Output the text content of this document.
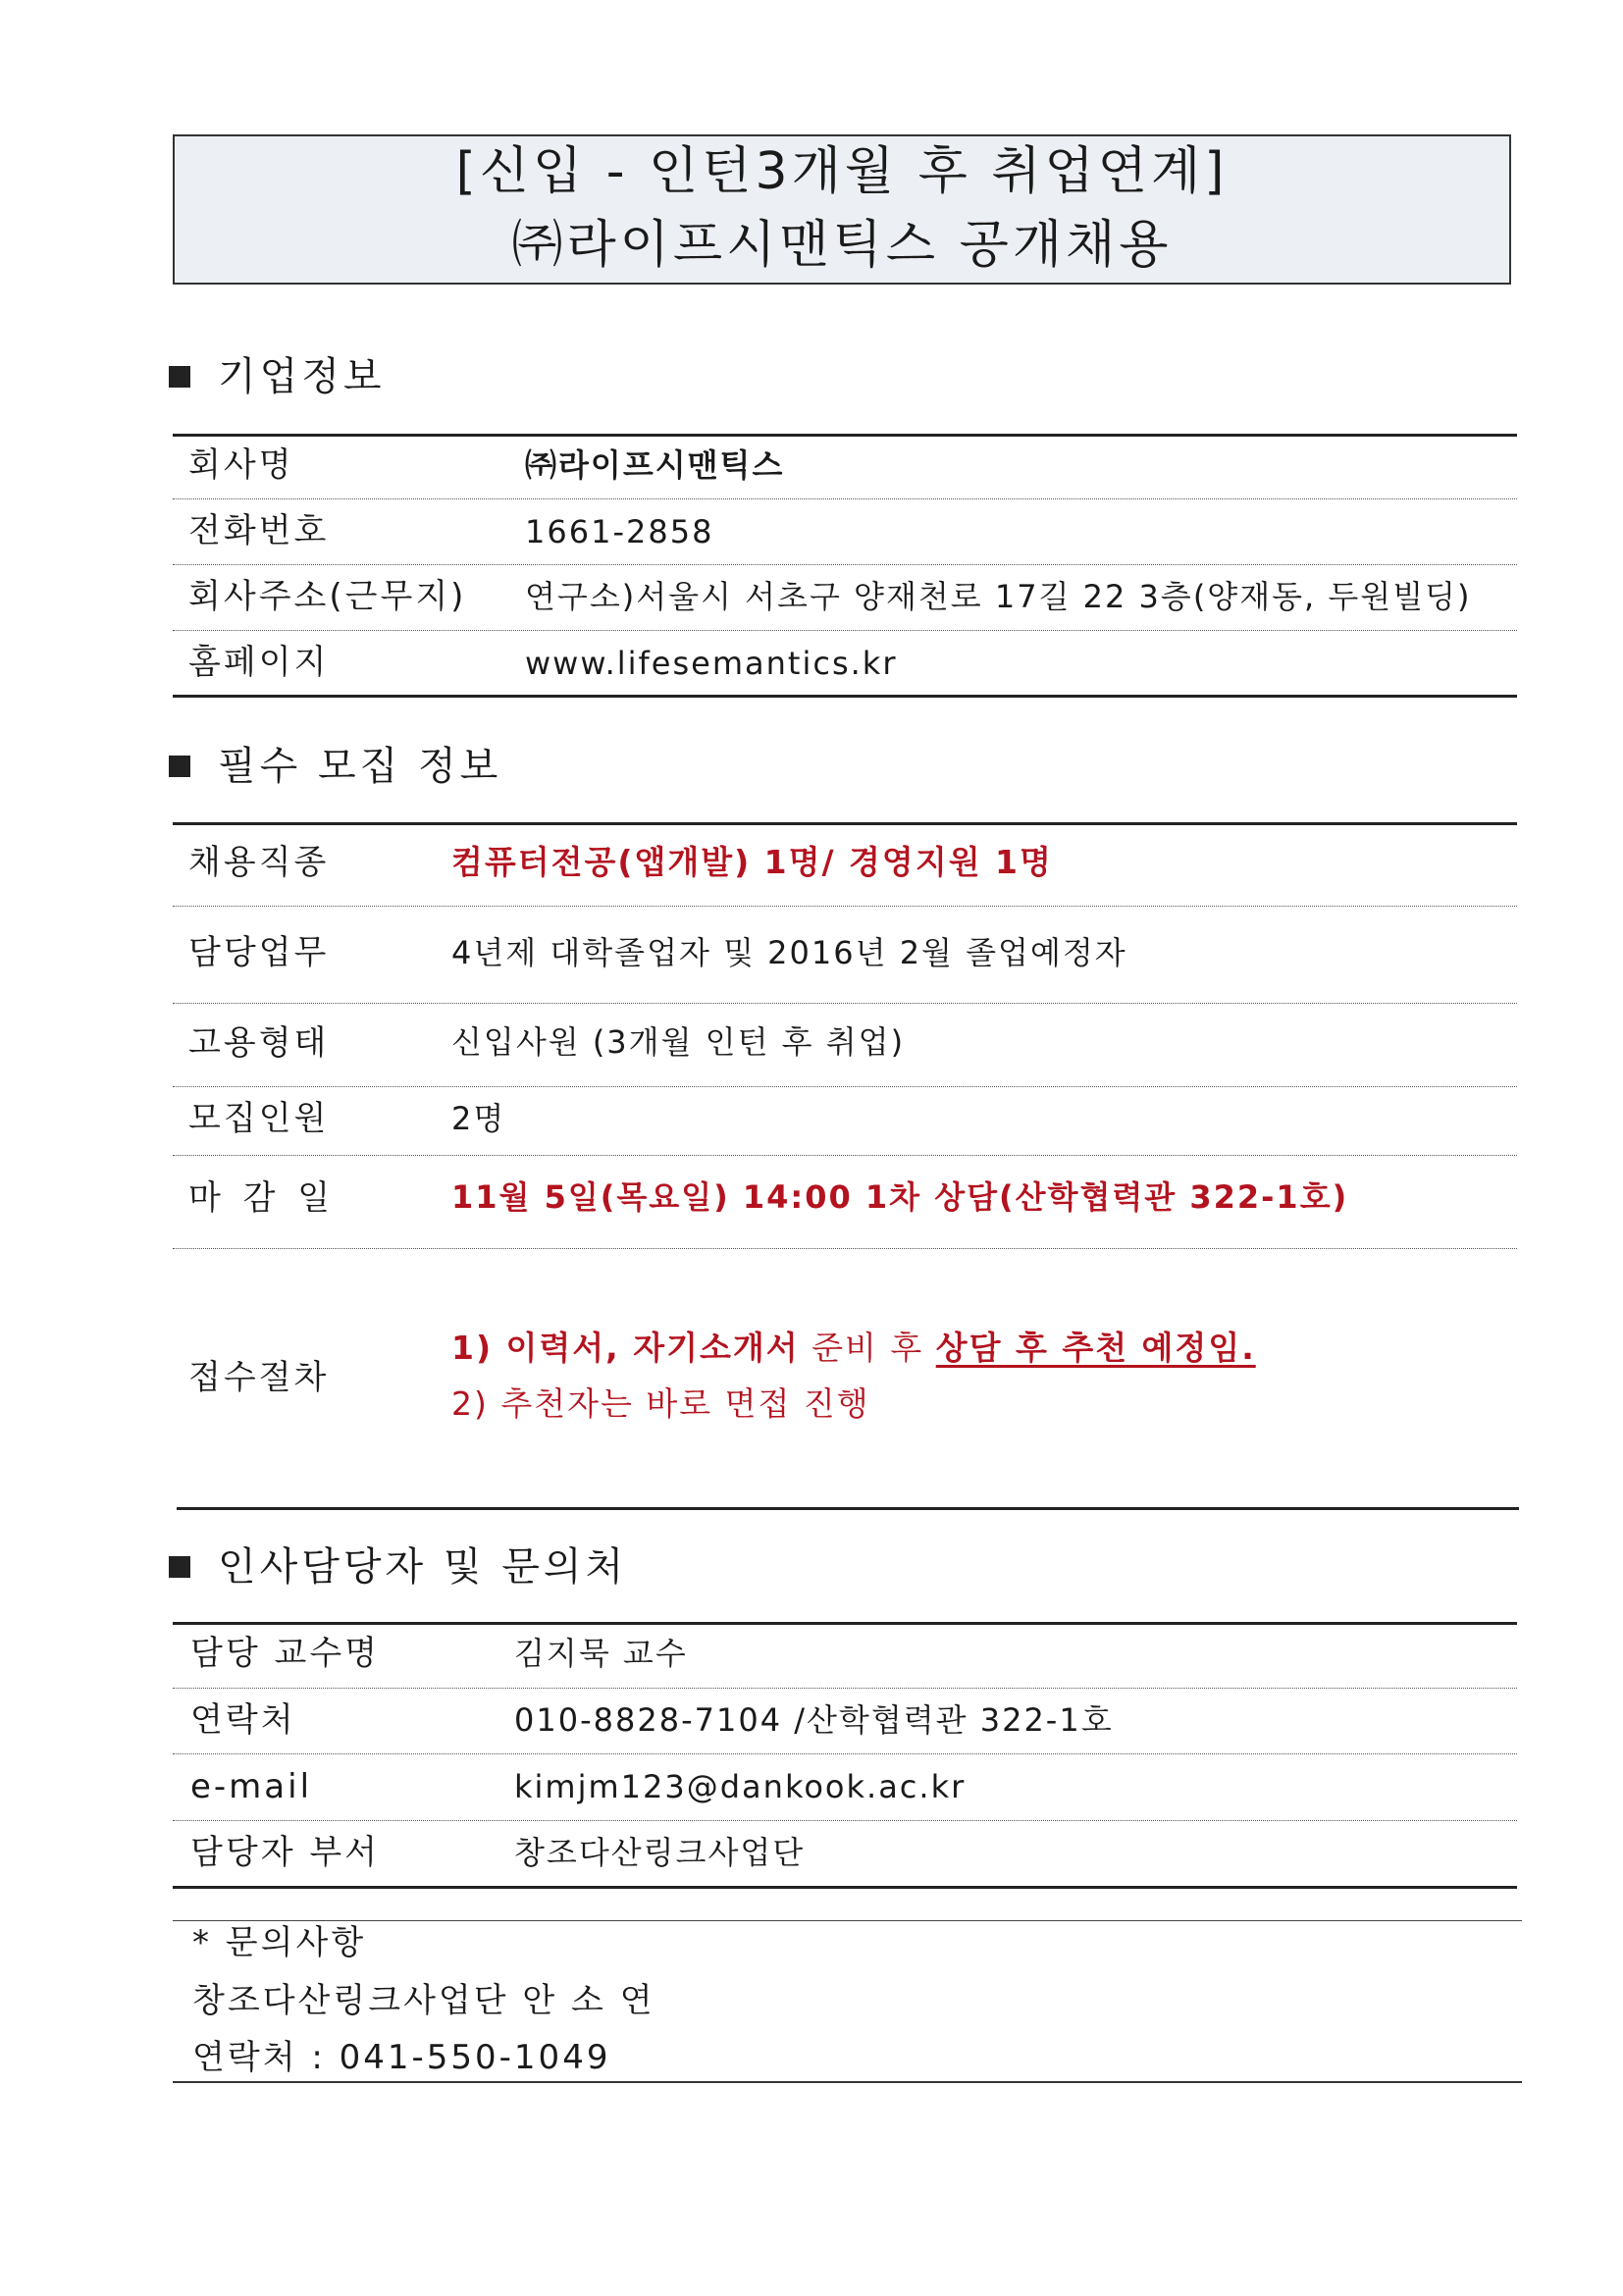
[신입 - 인턴3개월 후 취업연계]
㈜라이프시맨틱스 공개채용
기업정보
회사명	㈜라이프시맨틱스
전화번호	1661-2858
회사주소(근무지) 연구소)서울시 서초구 양재천로 17길 22 3층(양재동, 두원빌딩)
홈페이지	www.lifesemantics.kr
필수 모집 정보
채용직종	컴퓨터전공(앱개발) 1명/ 경영지원 1명
담당업무	4년제 대학졸업자 및 2016년 2월 졸업예정자
고용형태	신입사원 (3개월 인턴 후 취업)
모집인원	2명
마 감 일	11월 5일(목요일) 14:00 1차 상담(산학협력관 322-1호)
접수절차
1) 이력서, 자기소개서 준비 후 상담 후 추천 예정임.
2) 추천자는 바로 면접 진행
인사담당자 및 문의처
담당 교수명	김지묵 교수
연락처	010-8828-7104 /산학협력관 322-1호
e-mail	kimjm123@dankook.ac.kr
담당자 부서	창조다산링크사업단
* 문의사항
창조다산링크사업단 안 소 연
연락처 : 041-550-1049
